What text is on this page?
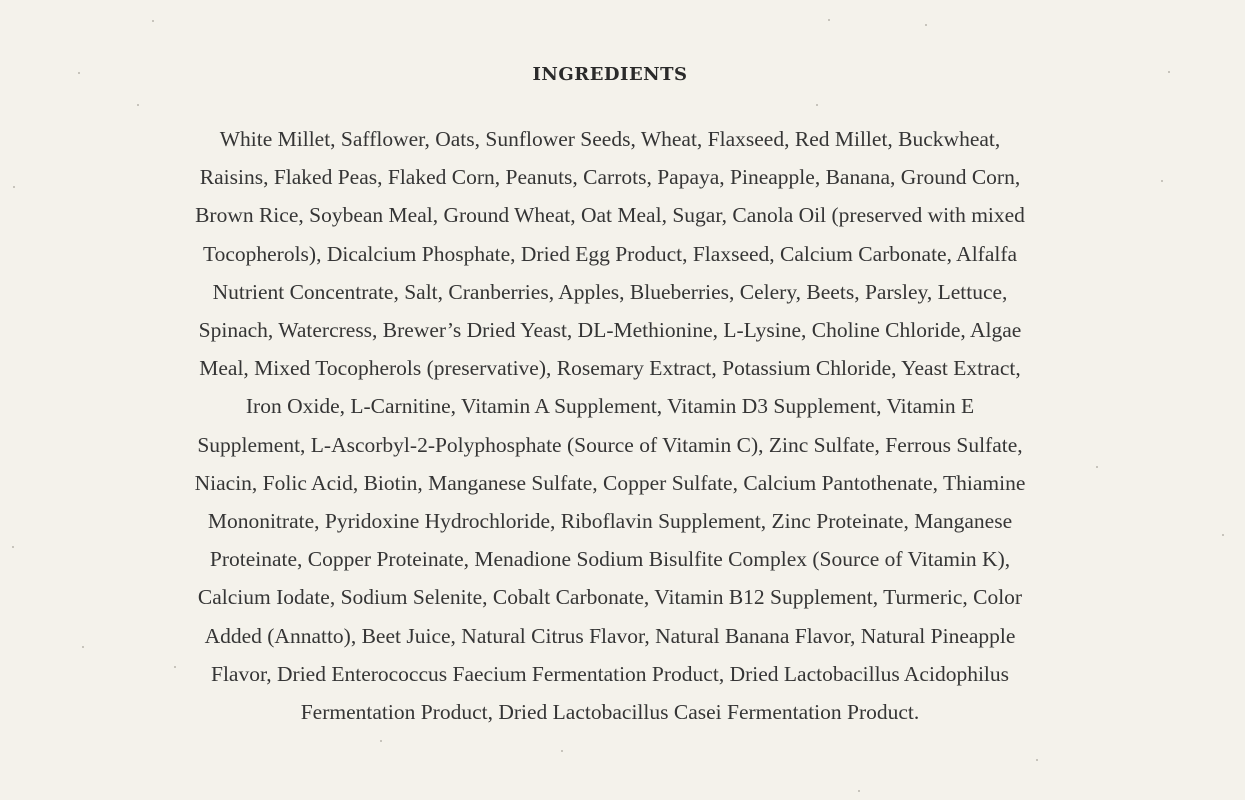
INGREDIENTS
White Millet, Safflower, Oats, Sunflower Seeds, Wheat, Flaxseed, Red Millet, Buckwheat,
Raisins, Flaked Peas, Flaked Corn, Peanuts, Carrots, Papaya, Pineapple, Banana, Ground Corn,
Brown Rice, Soybean Meal, Ground Wheat, Oat Meal, Sugar, Canola Oil (preserved with mixed
Tocopherols), Dicalcium Phosphate, Dried Egg Product, Flaxseed, Calcium Carbonate, Alfalfa
Nutrient Concentrate, Salt, Cranberries, Apples, Blueberries, Celery, Beets, Parsley, Lettuce,
Spinach, Watercress, Brewer’s Dried Yeast, DL-Methionine, L-Lysine, Choline Chloride, Algae
Meal, Mixed Tocopherols (preservative), Rosemary Extract, Potassium Chloride, Yeast Extract,
Iron Oxide, L-Carnitine, Vitamin A Supplement, Vitamin D3 Supplement, Vitamin E
Supplement, L-Ascorbyl-2-Polyphosphate (Source of Vitamin C), Zinc Sulfate, Ferrous Sulfate,
Niacin, Folic Acid, Biotin, Manganese Sulfate, Copper Sulfate, Calcium Pantothenate, Thiamine
Mononitrate, Pyridoxine Hydrochloride, Riboflavin Supplement, Zinc Proteinate, Manganese
Proteinate, Copper Proteinate, Menadione Sodium Bisulfite Complex (Source of Vitamin K),
Calcium Iodate, Sodium Selenite, Cobalt Carbonate, Vitamin B12 Supplement, Turmeric, Color
Added (Annatto), Beet Juice, Natural Citrus Flavor, Natural Banana Flavor, Natural Pineapple
Flavor, Dried Enterococcus Faecium Fermentation Product, Dried Lactobacillus Acidophilus
Fermentation Product, Dried Lactobacillus Casei Fermentation Product.
